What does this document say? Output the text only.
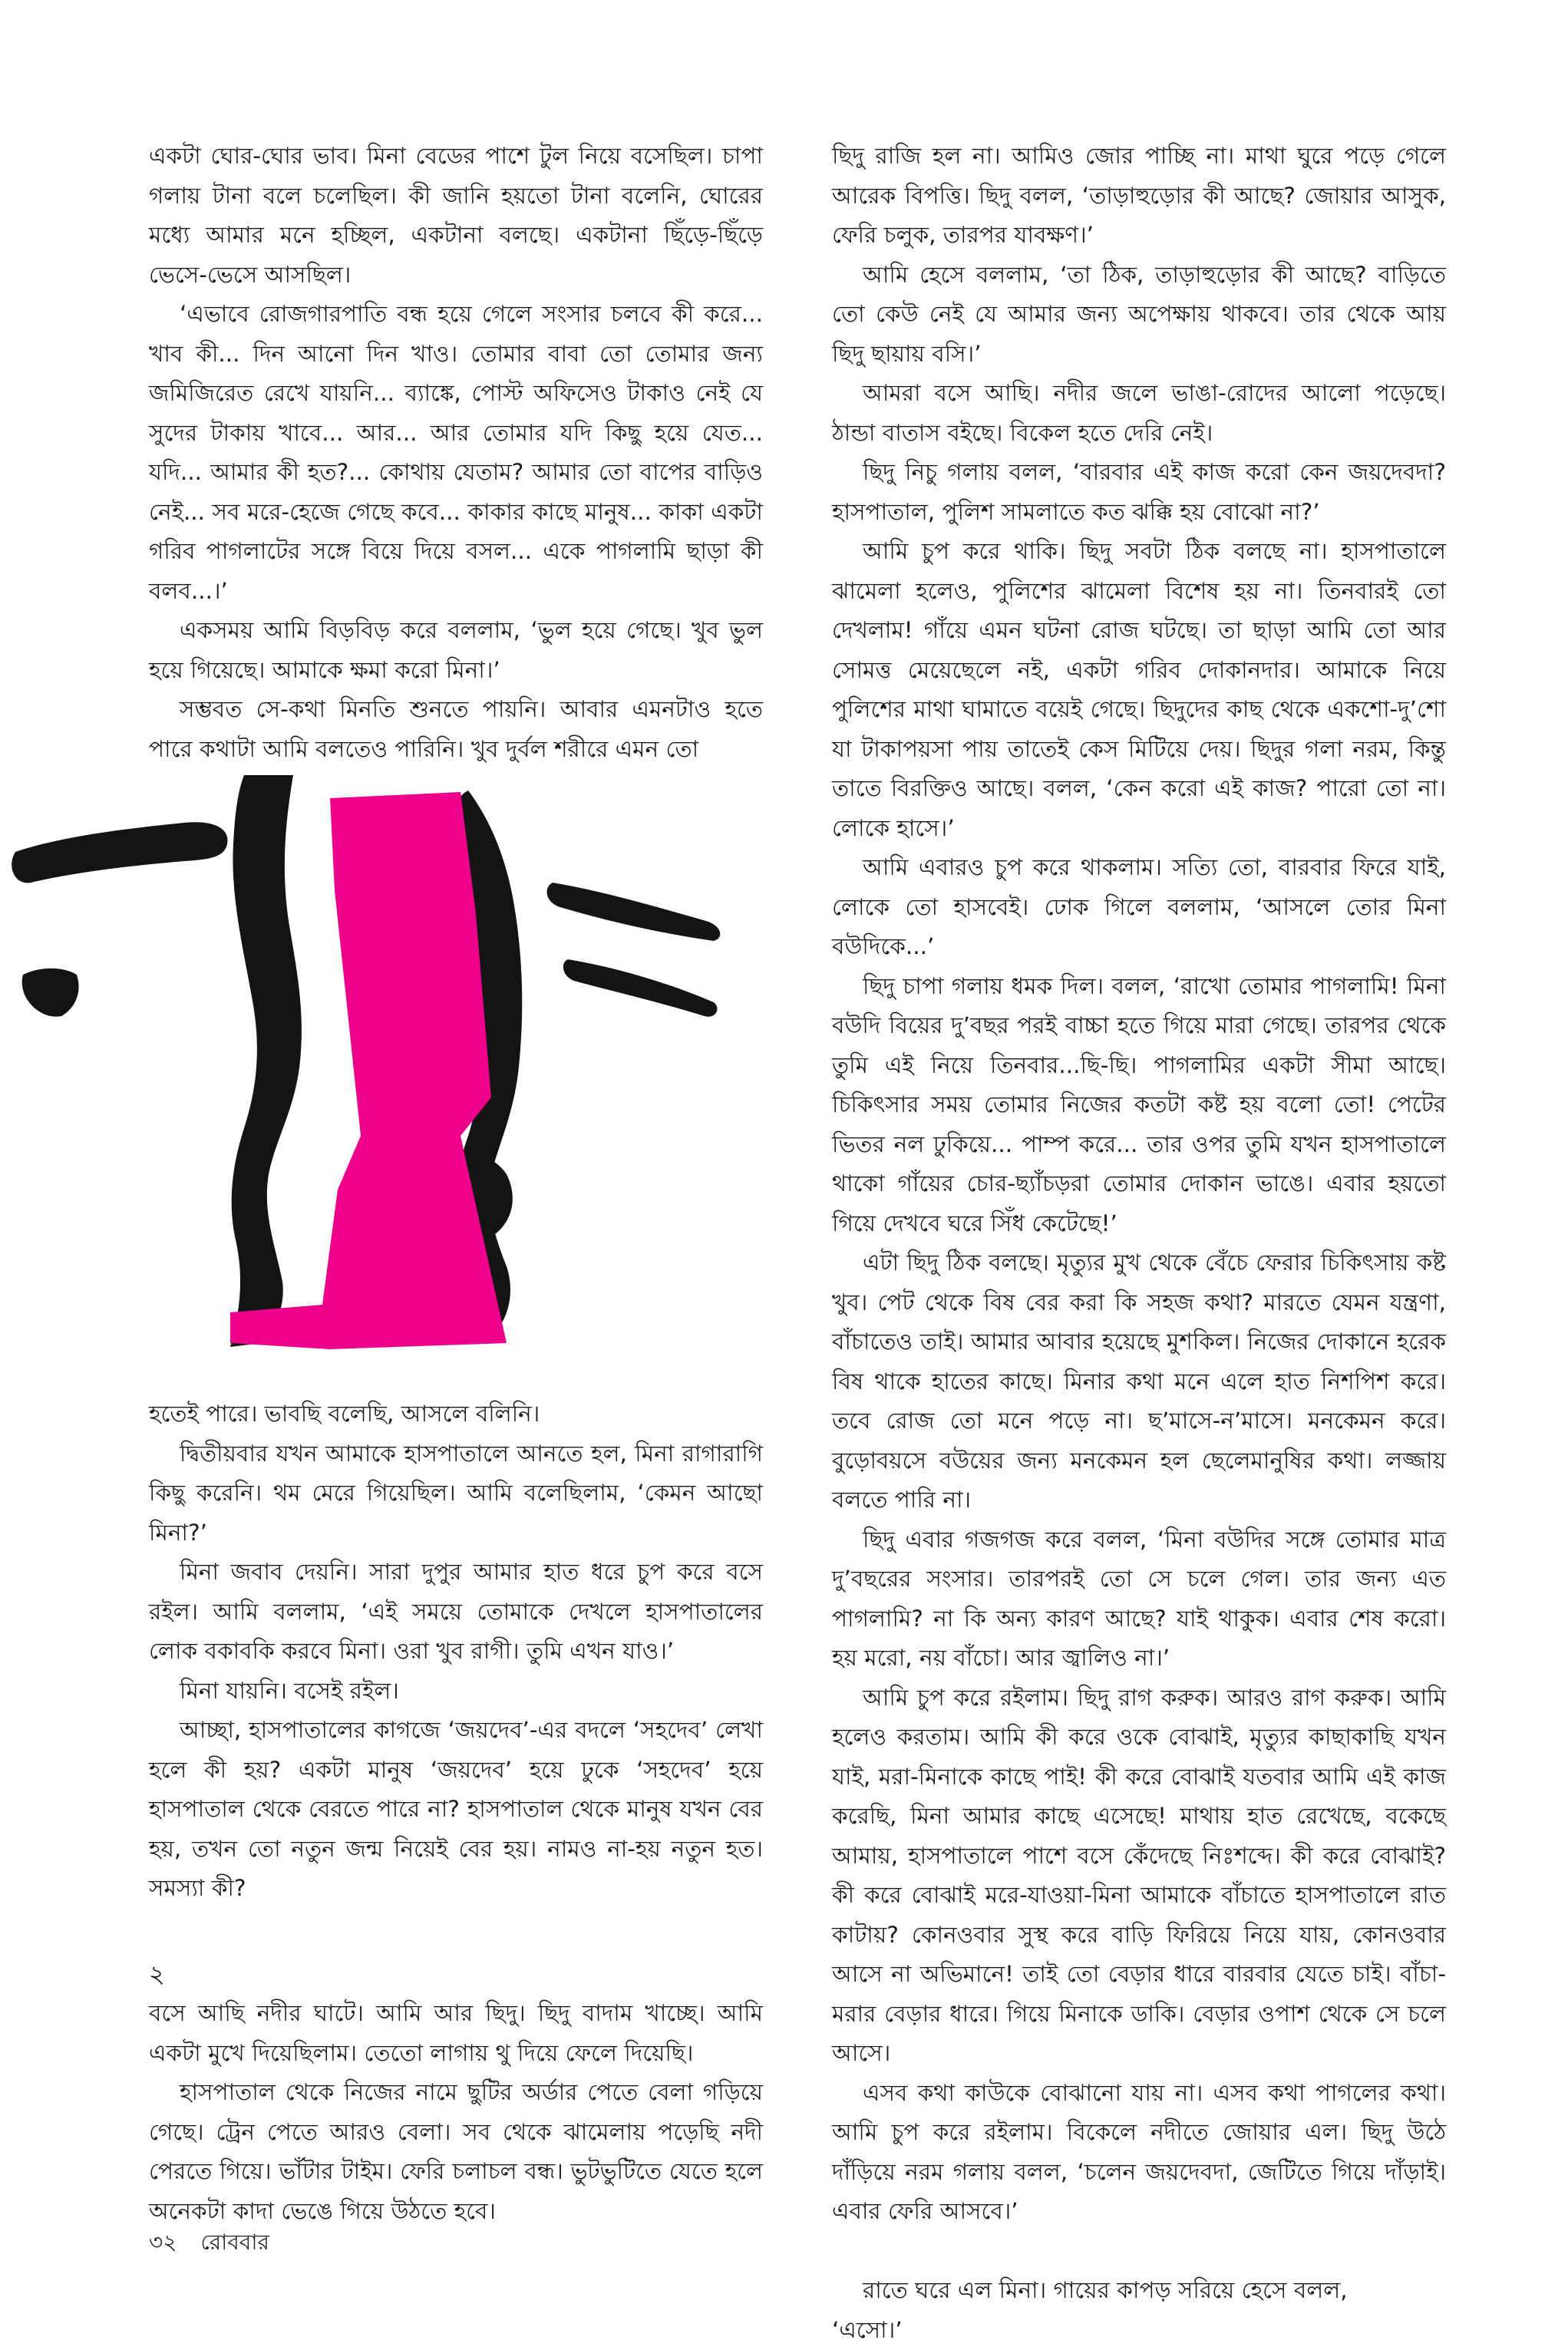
একটা ঘোর-ঘোর ভাব। মিনা বেডের পাশে টুল নিয়ে বসেছিল। চাপা গলায় টানা বলে চলেছিল। কী জানি হয়তো টানা বলেনি, ঘোরের মধ্যে আমার মনে হচ্ছিল, একটানা বলছে। একটানা ছিঁড়ে-ছিঁড়ে ভেসে-ভেসে আসছিল।

‘এভাবে রোজগারপাতি বন্ধ হয়ে গেলে সংসার চলবে কী করে... খাব কী... দিন আনো দিন খাও। তোমার বাবা তো তোমার জন্য জমিজিরেত রেখে যায়নি... ব্যাঙ্কে, পোস্ট অফিসেও টাকাও নেই যে সুদের টাকায় খাবে... আর... আর তোমার যদি কিছু হয়ে যেত... যদি... আমার কী হত?... কোথায় যেতাম? আমার তো বাপের বাড়িও নেই... সব মরে-হেজে গেছে কবে... কাকার কাছে মানুষ... কাকা একটা গরিব পাগলাটের সঙ্গে বিয়ে দিয়ে বসল... একে পাগলামি ছাড়া কী বলব...।’

একসময় আমি বিড়বিড় করে বললাম, ‘ভুল হয়ে গেছে। খুব ভুল হয়ে গিয়েছে। আমাকে ক্ষমা করো মিনা।’

সম্ভবত সে-কথা মিনতি শুনতে পায়নি। আবার এমনটাও হতে পারে কথাটা আমি বলতেও পারিনি। খুব দুর্বল শরীরে এমন তো

হতেই পারে। ভাবছি বলেছি, আসলে বলিনি।

দ্বিতীয়বার যখন আমাকে হাসপাতালে আনতে হল, মিনা রাগারাগি কিছু করেনি। থম মেরে গিয়েছিল। আমি বলেছিলাম, ‘কেমন আছো মিনা?’

মিনা জবাব দেয়নি। সারা দুপুর আমার হাত ধরে চুপ করে বসে রইল। আমি বললাম, ‘এই সময়ে তোমাকে দেখলে হাসপাতালের লোক বকাবকি করবে মিনা। ওরা খুব রাগী। তুমি এখন যাও।’

মিনা যায়নি। বসেই রইল।

আচ্ছা, হাসপাতালের কাগজে ‘জয়দেব’-এর বদলে ‘সহদেব’ লেখা হলে কী হয়? একটা মানুষ ‘জয়দেব’ হয়ে ঢুকে ‘সহদেব’ হয়ে হাসপাতাল থেকে বেরতে পারে না? হাসপাতাল থেকে মানুষ যখন বের হয়, তখন তো নতুন জন্ম নিয়েই বের হয়। নামও না-হয় নতুন হত। সমস্যা কী?

২

বসে আছি নদীর ঘাটে। আমি আর ছিদু। ছিদু বাদাম খাচ্ছে। আমি একটা মুখে দিয়েছিলাম। তেতো লাগায় থু দিয়ে ফেলে দিয়েছি।

হাসপাতাল থেকে নিজের নামে ছুটির অর্ডার পেতে বেলা গড়িয়ে গেছে। ট্রেন পেতে আরও বেলা। সব থেকে ঝামেলায় পড়েছি নদী পেরতে গিয়ে। ভাঁটার টাইম। ফেরি চলাচল বন্ধ। ভুটভুটিতে যেতে হলে অনেকটা কাদা ভেঙে গিয়ে উঠতে হবে।

ছিদু রাজি হল না। আমিও জোর পাচ্ছি না। মাথা ঘুরে পড়ে গেলে আরেক বিপত্তি। ছিদু বলল, ‘তাড়াহুড়োর কী আছে? জোয়ার আসুক, ফেরি চলুক, তারপর যাবক্ষণ।’

আমি হেসে বললাম, ‘তা ঠিক, তাড়াহুড়োর কী আছে? বাড়িতে তো কেউ নেই যে আমার জন্য অপেক্ষায় থাকবে। তার থেকে আয় ছিদু ছায়ায় বসি।’

আমরা বসে আছি। নদীর জলে ভাঙা-রোদের আলো পড়েছে। ঠান্ডা বাতাস বইছে। বিকেল হতে দেরি নেই।

ছিদু নিচু গলায় বলল, ‘বারবার এই কাজ করো কেন জয়দেবদা? হাসপাতাল, পুলিশ সামলাতে কত ঝক্কি হয় বোঝো না?’

আমি চুপ করে থাকি। ছিদু সবটা ঠিক বলছে না। হাসপাতালে ঝামেলা হলেও, পুলিশের ঝামেলা বিশেষ হয় না। তিনবারই তো দেখলাম! গাঁয়ে এমন ঘটনা রোজ ঘটছে। তা ছাড়া আমি তো আর সোমত্ত মেয়েছেলে নই, একটা গরিব দোকানদার। আমাকে নিয়ে পুলিশের মাথা ঘামাতে বয়েই গেছে। ছিদুদের কাছ থেকে একশো-দু’শো যা টাকাপয়সা পায় তাতেই কেস মিটিয়ে দেয়। ছিদুর গলা নরম, কিন্তু তাতে বিরক্তিও আছে। বলল, ‘কেন করো এই কাজ? পারো তো না। লোকে হাসে।’

আমি এবারও চুপ করে থাকলাম। সত্যি তো, বারবার ফিরে যাই, লোকে তো হাসবেই। ঢোক গিলে বললাম, ‘আসলে তোর মিনা বউদিকে...’

ছিদু চাপা গলায় ধমক দিল। বলল, ‘রাখো তোমার পাগলামি! মিনা বউদি বিয়ের দু’বছর পরই বাচ্চা হতে গিয়ে মারা গেছে। তারপর থেকে তুমি এই নিয়ে তিনবার...ছি-ছি। পাগলামির একটা সীমা আছে। চিকিৎসার সময় তোমার নিজের কতটা কষ্ট হয় বলো তো! পেটের ভিতর নল ঢুকিয়ে... পাম্প করে... তার ওপর তুমি যখন হাসপাতালে থাকো গাঁয়ের চোর-ছ্যাঁচড়রা তোমার দোকান ভাঙে। এবার হয়তো গিয়ে দেখবে ঘরে সিঁধ কেটেছে!’

এটা ছিদু ঠিক বলছে। মৃত্যুর মুখ থেকে বেঁচে ফেরার চিকিৎসায় কষ্ট খুব। পেট থেকে বিষ বের করা কি সহজ কথা? মারতে যেমন যন্ত্রণা, বাঁচাতেও তাই। আমার আবার হয়েছে মুশকিল। নিজের দোকানে হরেক বিষ থাকে হাতের কাছে। মিনার কথা মনে এলে হাত নিশপিশ করে। তবে রোজ তো মনে পড়ে না। ছ’মাসে-ন’মাসে। মনকেমন করে। বুড়োবয়সে বউয়ের জন্য মনকেমন হল ছেলেমানুষির কথা। লজ্জায় বলতে পারি না।

ছিদু এবার গজগজ করে বলল, ‘মিনা বউদির সঙ্গে তোমার মাত্র দু’বছরের সংসার। তারপরই তো সে চলে গেল। তার জন্য এত পাগলামি? না কি অন্য কারণ আছে? যাই থাকুক। এবার শেষ করো। হয় মরো, নয় বাঁচো। আর জ্বালিও না।’

আমি চুপ করে রইলাম। ছিদু রাগ করুক। আরও রাগ করুক। আমি হলেও করতাম। আমি কী করে ওকে বোঝাই, মৃত্যুর কাছাকাছি যখন যাই, মরা-মিনাকে কাছে পাই! কী করে বোঝাই যতবার আমি এই কাজ করেছি, মিনা আমার কাছে এসেছে! মাথায় হাত রেখেছে, বকেছে আমায়, হাসপাতালে পাশে বসে কেঁদেছে নিঃশব্দে। কী করে বোঝাই? কী করে বোঝাই মরে-যাওয়া-মিনা আমাকে বাঁচাতে হাসপাতালে রাত কাটায়? কোনওবার সুস্থ করে বাড়ি ফিরিয়ে নিয়ে যায়, কোনওবার আসে না অভিমানে! তাই তো বেড়ার ধারে বারবার যেতে চাই। বাঁচা-মরার বেড়ার ধারে। গিয়ে মিনাকে ডাকি। বেড়ার ওপাশ থেকে সে চলে আসে।

এসব কথা কাউকে বোঝানো যায় না। এসব কথা পাগলের কথা। আমি চুপ করে রইলাম। বিকেলে নদীতে জোয়ার এল। ছিদু উঠে দাঁড়িয়ে নরম গলায় বলল, ‘চলেন জয়দেবদা, জেটিতে গিয়ে দাঁড়াই। এবার ফেরি আসবে।’

রাতে ঘরে এল মিনা। গায়ের কাপড় সরিয়ে হেসে বলল,

‘এসো।’

৩২ রোববার
